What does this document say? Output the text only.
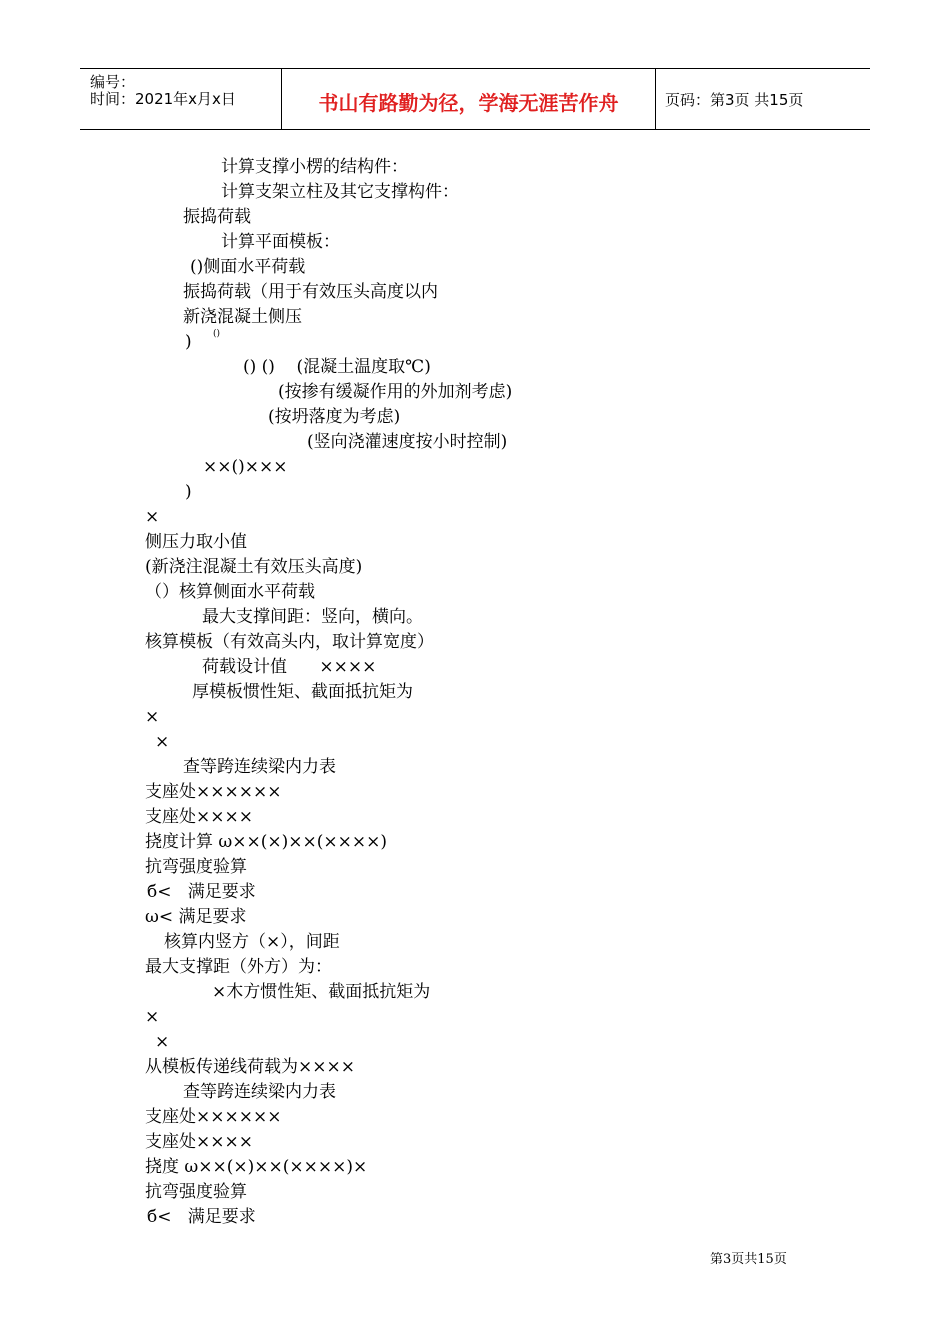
编号：
时间：2021年x月x日	书山有路勤为径，学海无涯苦作舟	页码：第3页 共15页
计算支撑小楞的结构件：
计算支架立柱及其它支撑构件：
振捣荷载
计算平面模板：
()侧面水平荷载
振捣荷载（用于有效压头高度以内
新浇混凝土侧压
) ()
() ()    (混凝土温度取℃)
(按掺有缓凝作用的外加剂考虑)
(按坍落度为考虑)
(竖向浇灌速度按小时控制)
××()×××
)
×
侧压力取小值
(新浇注混凝土有效压头高度)
（）核算侧面水平荷载
最大支撑间距：竖向，横向。
核算模板（有效高头内，取计算宽度）
荷载设计值      ××××
厚模板惯性矩、截面抵抗矩为
×
×
查等跨连续梁内力表
支座处××××××
支座处××××
挠度计算 ω××(×)××(××××)
抗弯强度验算
б<   满足要求
ω< 满足要求
核算内竖方（×），间距
最大支撑距（外方）为：
×木方惯性矩、截面抵抗矩为
×
×
从模板传递线荷载为××××
查等跨连续梁内力表
支座处××××××
支座处××××
挠度 ω××(×)××(××××)×
抗弯强度验算
б<   满足要求
第3页共15页
